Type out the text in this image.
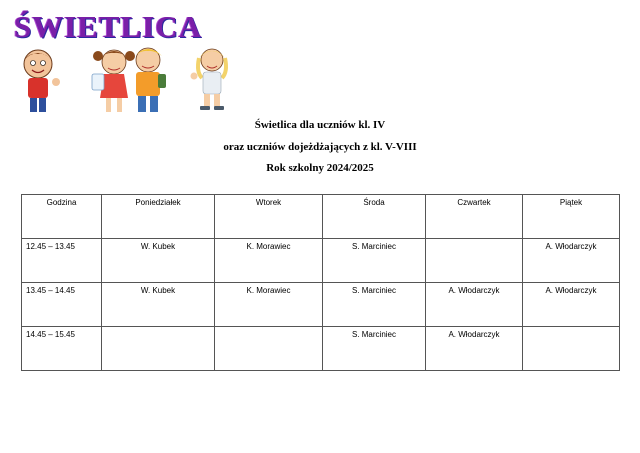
ŚWIETLICA
Świetlica dla uczniów kl. IV
oraz uczniów dojeżdżających z kl. V-VIII
Rok szkolny 2024/2025
Godzina	Poniedziałek	Wtorek	Środa	Czwartek	Piątek
12.45 – 13.45	W. Kubek	K. Morawiec	S. Marciniec		A. Włodarczyk
13.45 – 14.45	W. Kubek	K. Morawiec	S. Marciniec	A. Włodarczyk	A. Włodarczyk
14.45 – 15.45			S. Marciniec	A. Włodarczyk	
